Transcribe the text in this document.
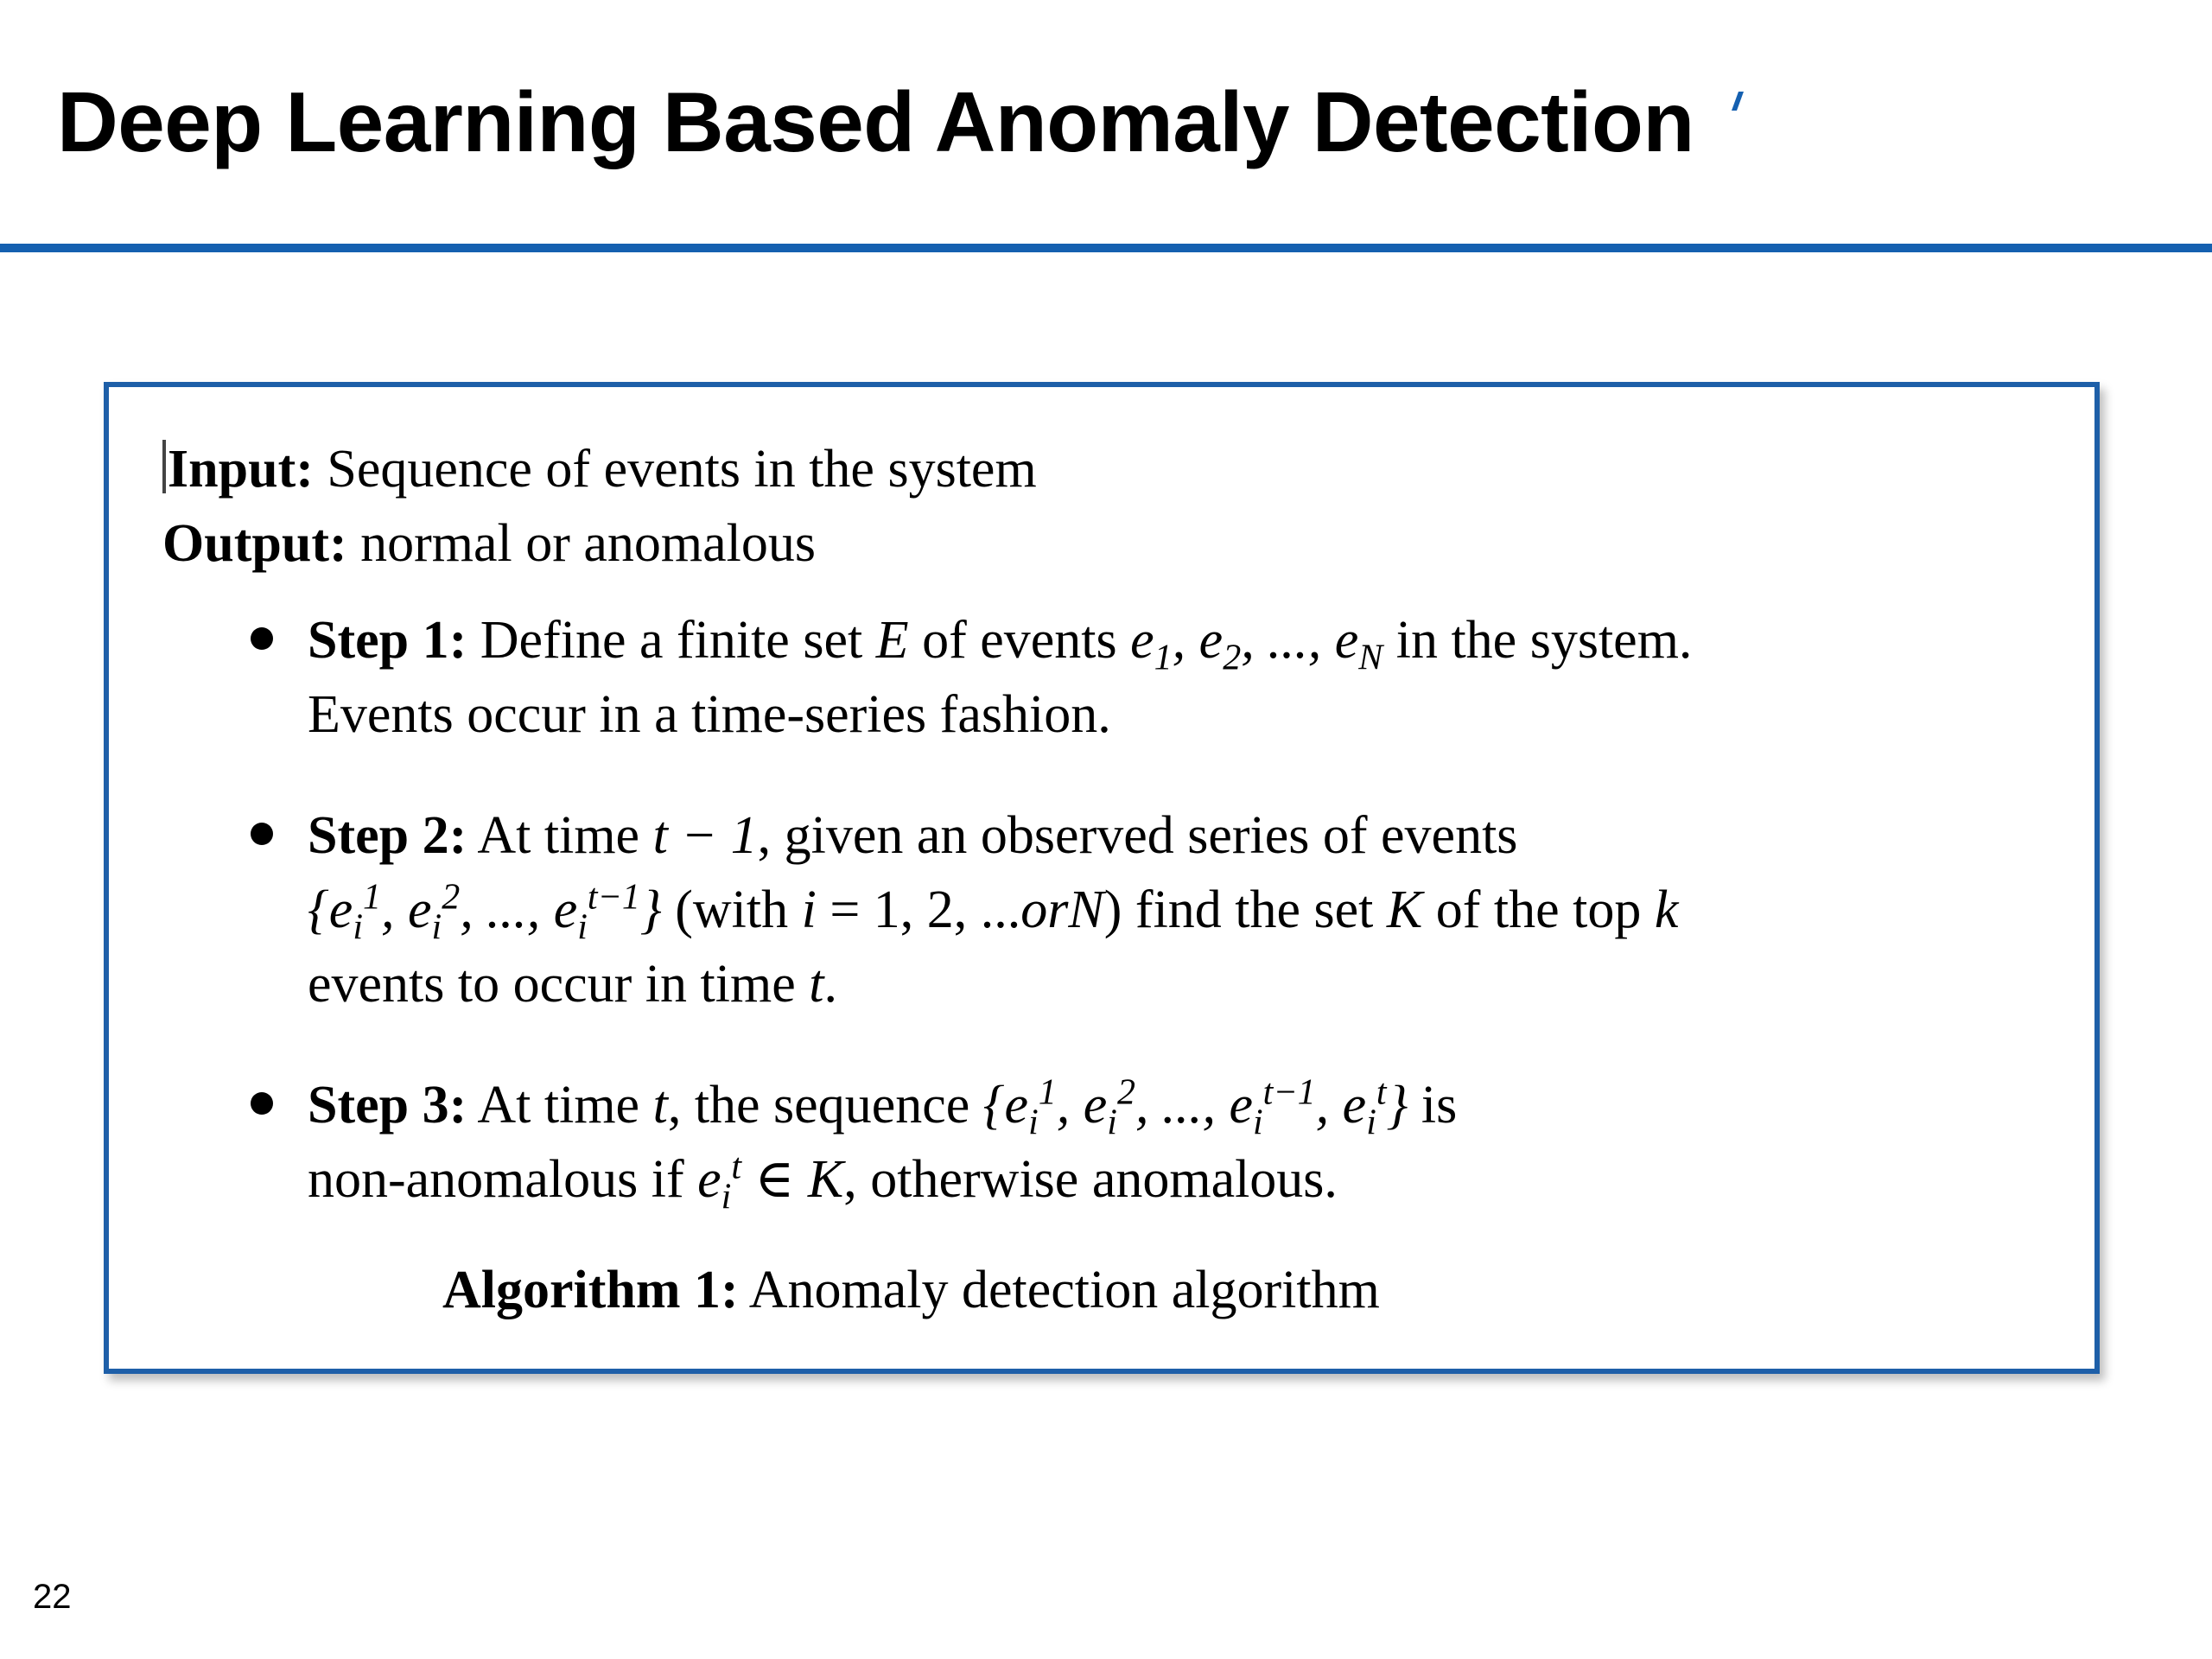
Deep Learning Based Anomaly Detection
Input: Sequence of events in the system
Output: normal or anomalous
Step 1: Define a finite set E of events $e_1$, $e_2$, ..., $e_N$ in the system.
Events occur in a time-series fashion.
Step 2: At time t − 1, given an observed series of events
{$e_i^1$, $e_i^2$, ..., $e_i^{t-1}$} (with i = 1, 2, ...orN) find the set K of the top k
events to occur in time t.
Step 3: At time t, the sequence {$e_i^1$, $e_i^2$, ..., $e_i^{t-1}$, $e_i^t$} is
non-anomalous if $e_i^t$ ∈ K, otherwise anomalous.
Algorithm 1: Anomaly detection algorithm
22
